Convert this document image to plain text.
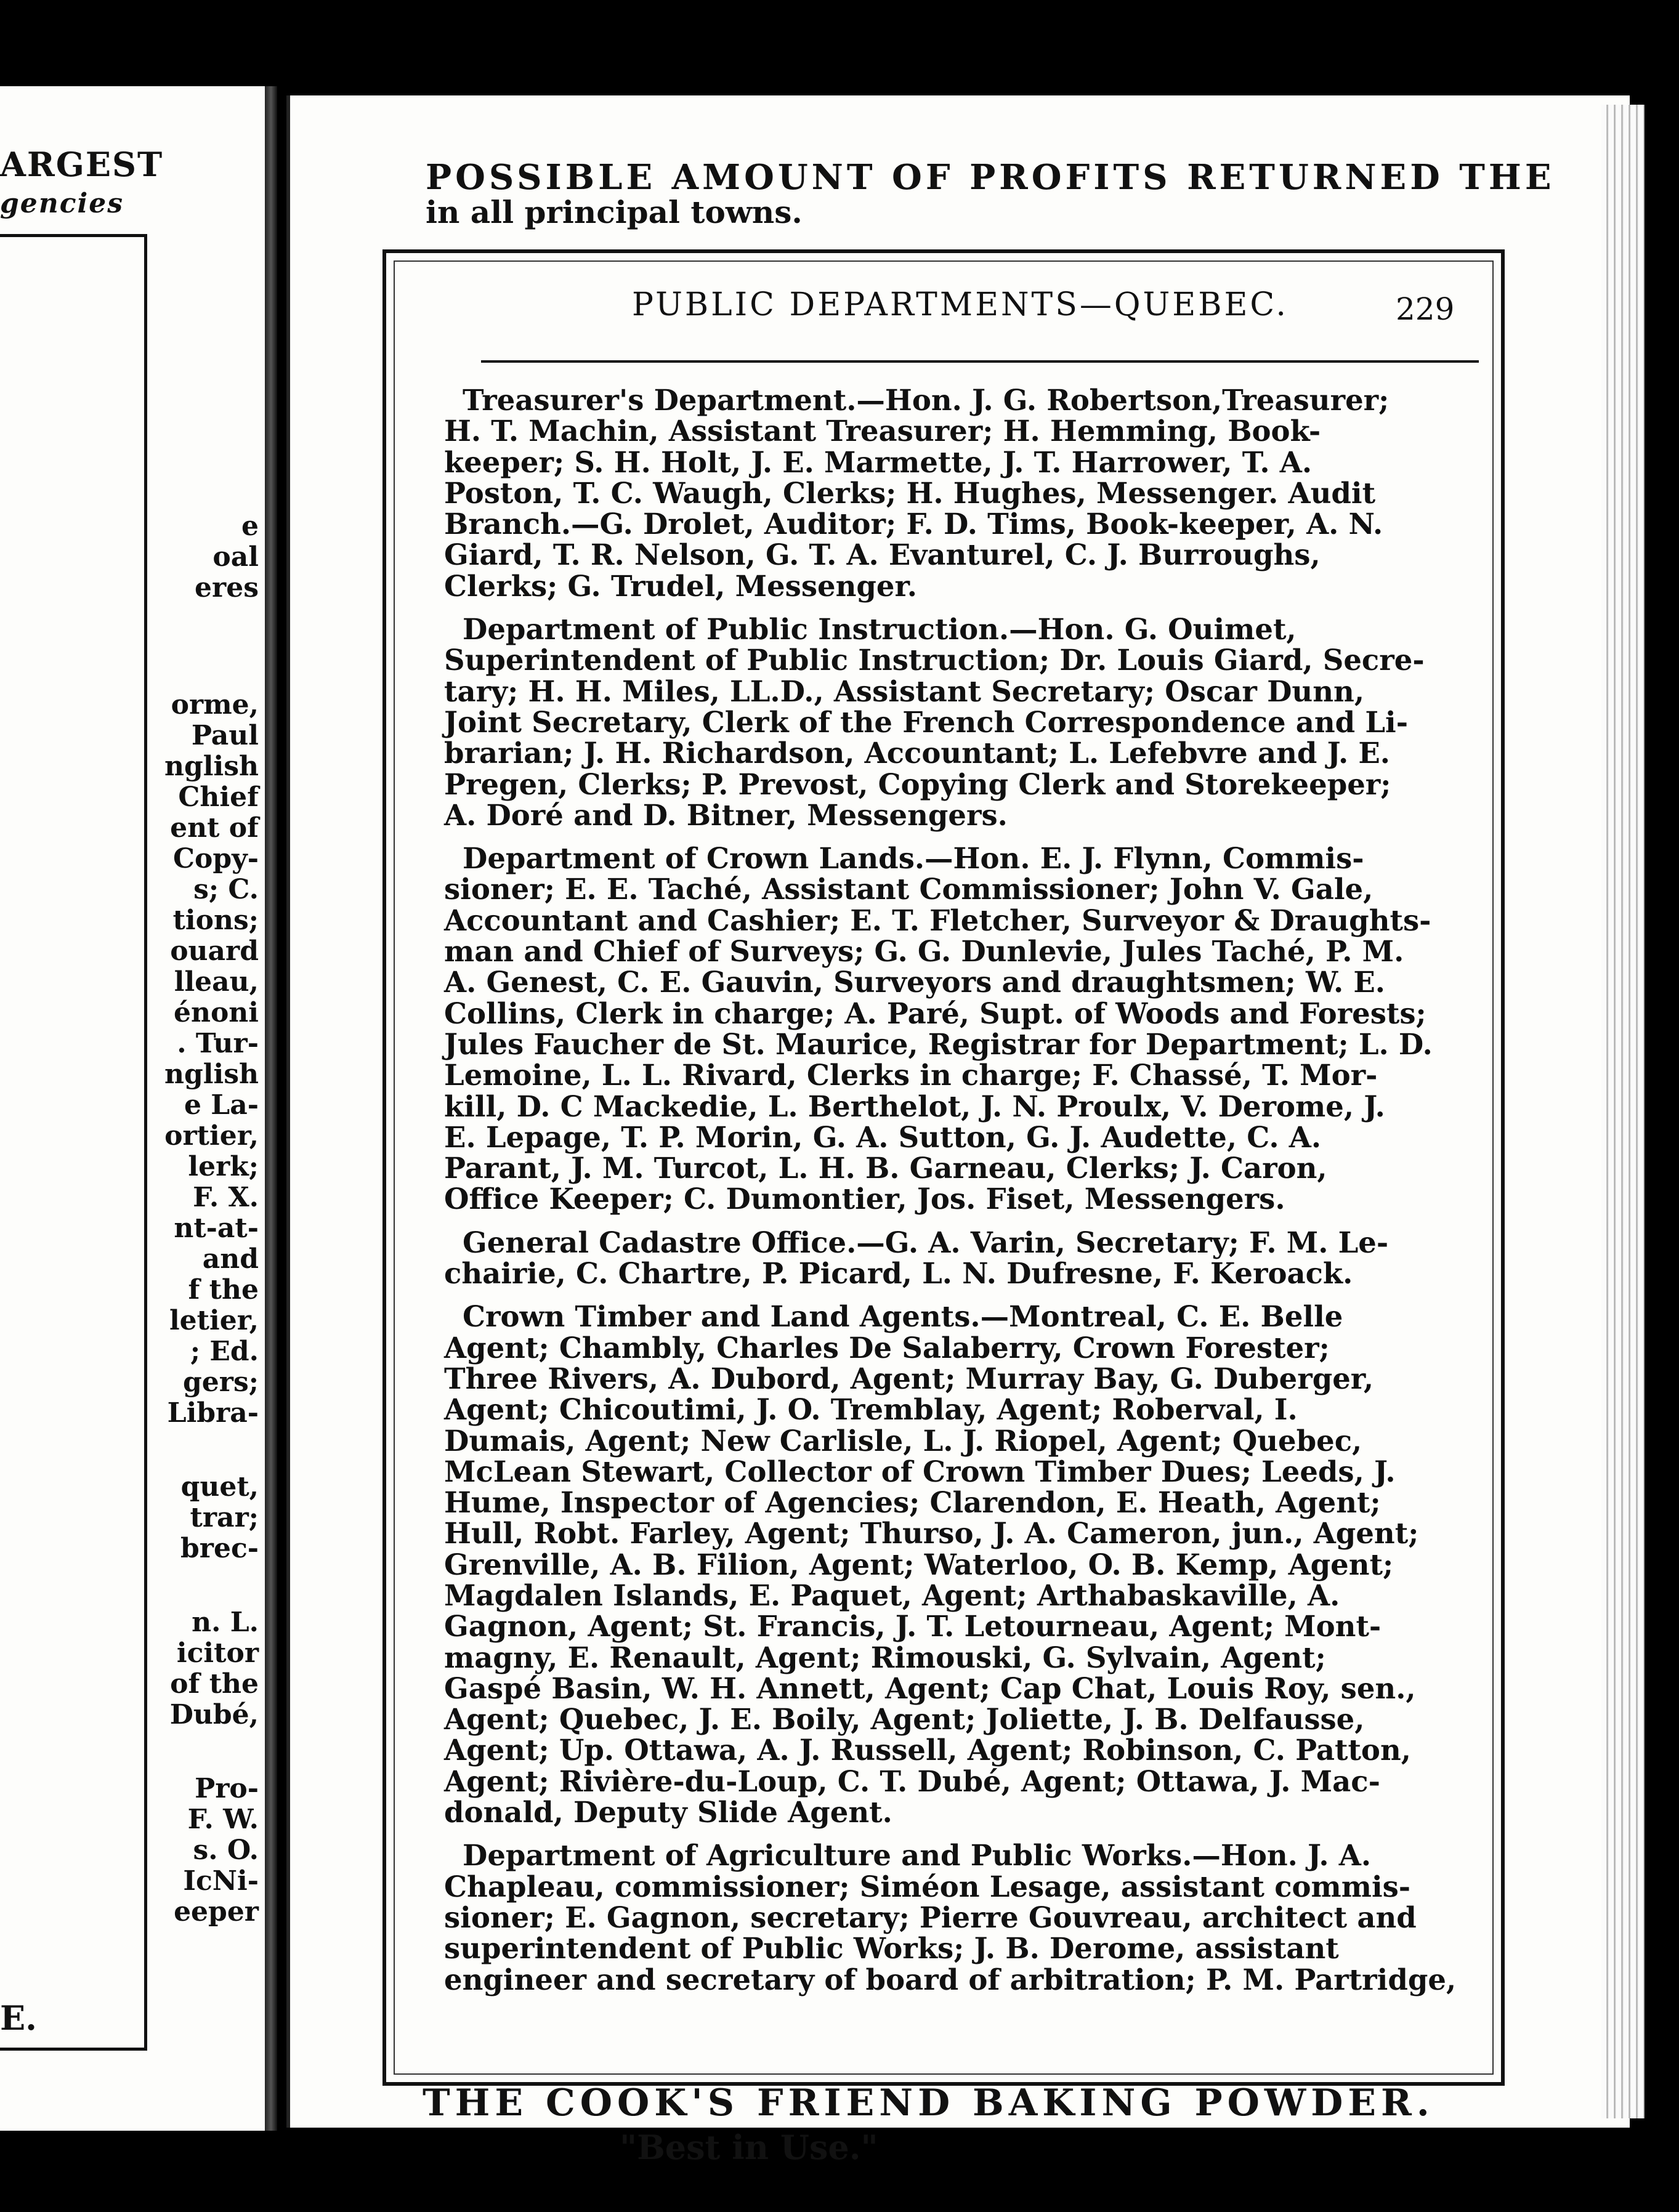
ARGEST
gencies
e
oal
eres
orme,
Paul
nglish
Chief
ent of
Copy-
s; C.
tions;
ouard
lleau,
énoni
. Tur-
nglish
e La-
ortier,
lerk;
F. X.
nt-at-
and
f the
letier,
; Ed.
gers;
Libra-
quet,
trar;
brec-
n. L.
icitor
of the
Dubé,
Pro-
F. W.
s. O.
IcNi-
eeper
E.
POSSIBLE AMOUNT OF PROFITS RETURNED THE
in all principal towns.
PUBLIC DEPARTMENTS—QUEBEC.	229
Treasurer's Department.—Hon. J. G. Robertson,Treasurer;
H. T. Machin, Assistant Treasurer; H. Hemming, Book-
keeper; S. H. Holt, J. E. Marmette, J. T. Harrower, T. A.
Poston, T. C. Waugh, Clerks; H. Hughes, Messenger. Audit
Branch.—G. Drolet, Auditor; F. D. Tims, Book-keeper, A. N.
Giard, T. R. Nelson, G. T. A. Evanturel, C. J. Burroughs,
Clerks; G. Trudel, Messenger.
Department of Public Instruction.—Hon. G. Ouimet,
Superintendent of Public Instruction; Dr. Louis Giard, Secre-
tary; H. H. Miles, LL.D., Assistant Secretary; Oscar Dunn,
Joint Secretary, Clerk of the French Correspondence and Li-
brarian; J. H. Richardson, Accountant; L. Lefebvre and J. E.
Pregen, Clerks; P. Prevost, Copying Clerk and Storekeeper;
A. Doré and D. Bitner, Messengers.
Department of Crown Lands.—Hon. E. J. Flynn, Commis-
sioner; E. E. Taché, Assistant Commissioner; John V. Gale,
Accountant and Cashier; E. T. Fletcher, Surveyor & Draughts-
man and Chief of Surveys; G. G. Dunlevie, Jules Taché, P. M.
A. Genest, C. E. Gauvin, Surveyors and draughtsmen; W. E.
Collins, Clerk in charge; A. Paré, Supt. of Woods and Forests;
Jules Faucher de St. Maurice, Registrar for Department; L. D.
Lemoine, L. L. Rivard, Clerks in charge; F. Chassé, T. Mor-
kill, D. C Mackedie, L. Berthelot, J. N. Proulx, V. Derome, J.
E. Lepage, T. P. Morin, G. A. Sutton, G. J. Audette, C. A.
Parant, J. M. Turcot, L. H. B. Garneau, Clerks; J. Caron,
Office Keeper; C. Dumontier, Jos. Fiset, Messengers.
General Cadastre Office.—G. A. Varin, Secretary; F. M. Le-
chairie, C. Chartre, P. Picard, L. N. Dufresne, F. Keroack.
Crown Timber and Land Agents.—Montreal, C. E. Belle
Agent; Chambly, Charles De Salaberry, Crown Forester;
Three Rivers, A. Dubord, Agent; Murray Bay, G. Duberger,
Agent; Chicoutimi, J. O. Tremblay, Agent; Roberval, I.
Dumais, Agent; New Carlisle, L. J. Riopel, Agent; Quebec,
McLean Stewart, Collector of Crown Timber Dues; Leeds, J.
Hume, Inspector of Agencies; Clarendon, E. Heath, Agent;
Hull, Robt. Farley, Agent; Thurso, J. A. Cameron, jun., Agent;
Grenville, A. B. Filion, Agent; Waterloo, O. B. Kemp, Agent;
Magdalen Islands, E. Paquet, Agent; Arthabaskaville, A.
Gagnon, Agent; St. Francis, J. T. Letourneau, Agent; Mont-
magny, E. Renault, Agent; Rimouski, G. Sylvain, Agent;
Gaspé Basin, W. H. Annett, Agent; Cap Chat, Louis Roy, sen.,
Agent; Quebec, J. E. Boily, Agent; Joliette, J. B. Delfausse,
Agent; Up. Ottawa, A. J. Russell, Agent; Robinson, C. Patton,
Agent; Rivière-du-Loup, C. T. Dubé, Agent; Ottawa, J. Mac-
donald, Deputy Slide Agent.
Department of Agriculture and Public Works.—Hon. J. A.
Chapleau, commissioner; Siméon Lesage, assistant commis-
sioner; E. Gagnon, secretary; Pierre Gouvreau, architect and
superintendent of Public Works; J. B. Derome, assistant
engineer and secretary of board of arbitration; P. M. Partridge,
THE COOK'S FRIEND BAKING POWDER.
"Best in Use."
